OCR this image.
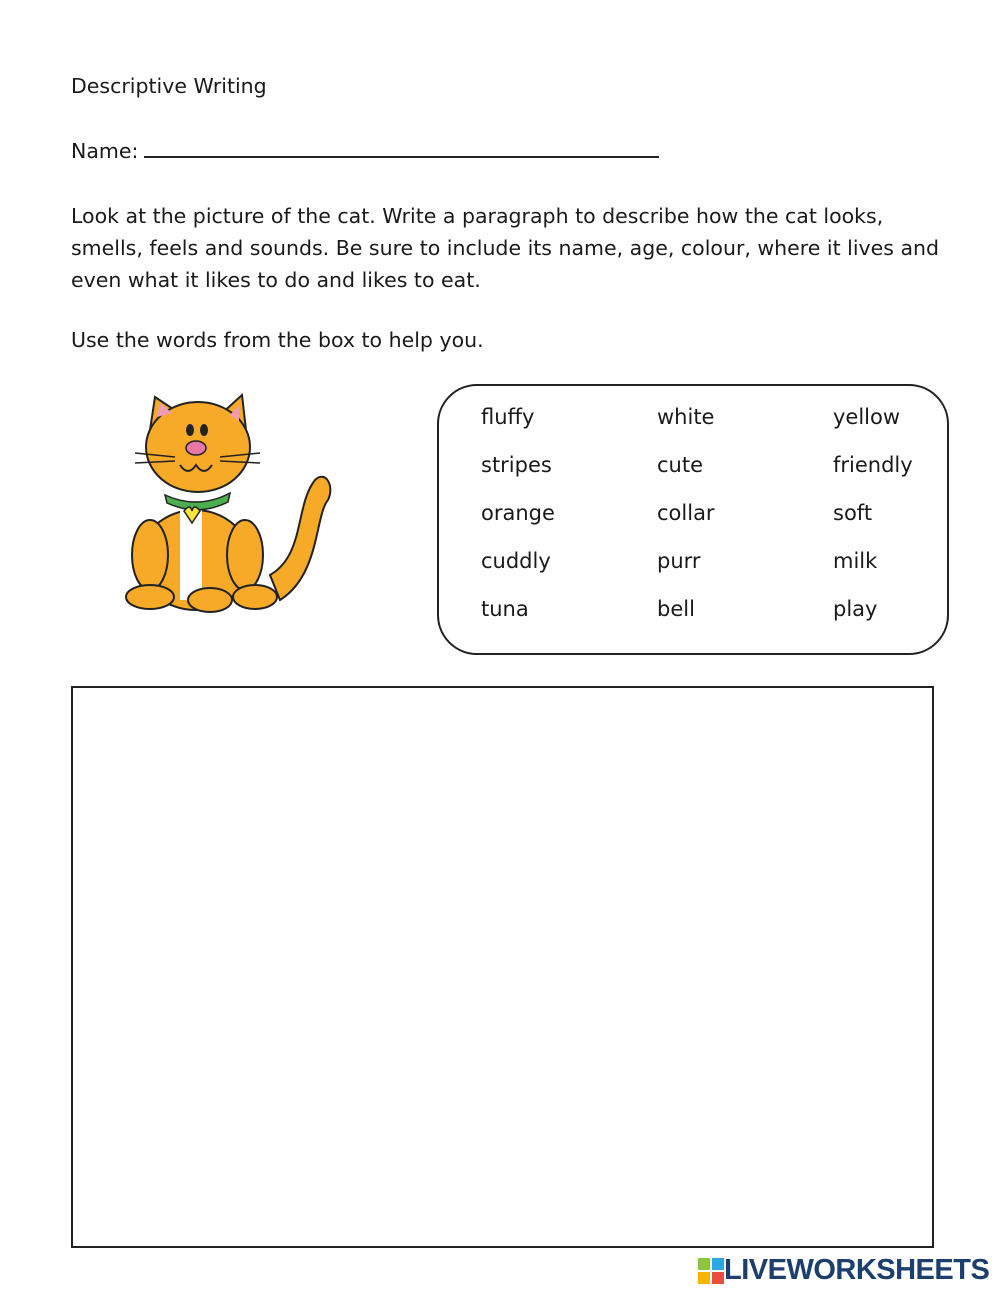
Descriptive Writing
Name:
Look at the picture of the cat. Write a paragraph to describe how the cat looks, smells, feels and sounds. Be sure to include its name, age, colour, where it lives and even what it likes to do and likes to eat.
Use the words from the box to help you.
fluffy	white	yellow
stripes	cute	friendly
orange	collar	soft
cuddly	purr	milk
tuna	bell	play
LIVEWORKSHEETS
